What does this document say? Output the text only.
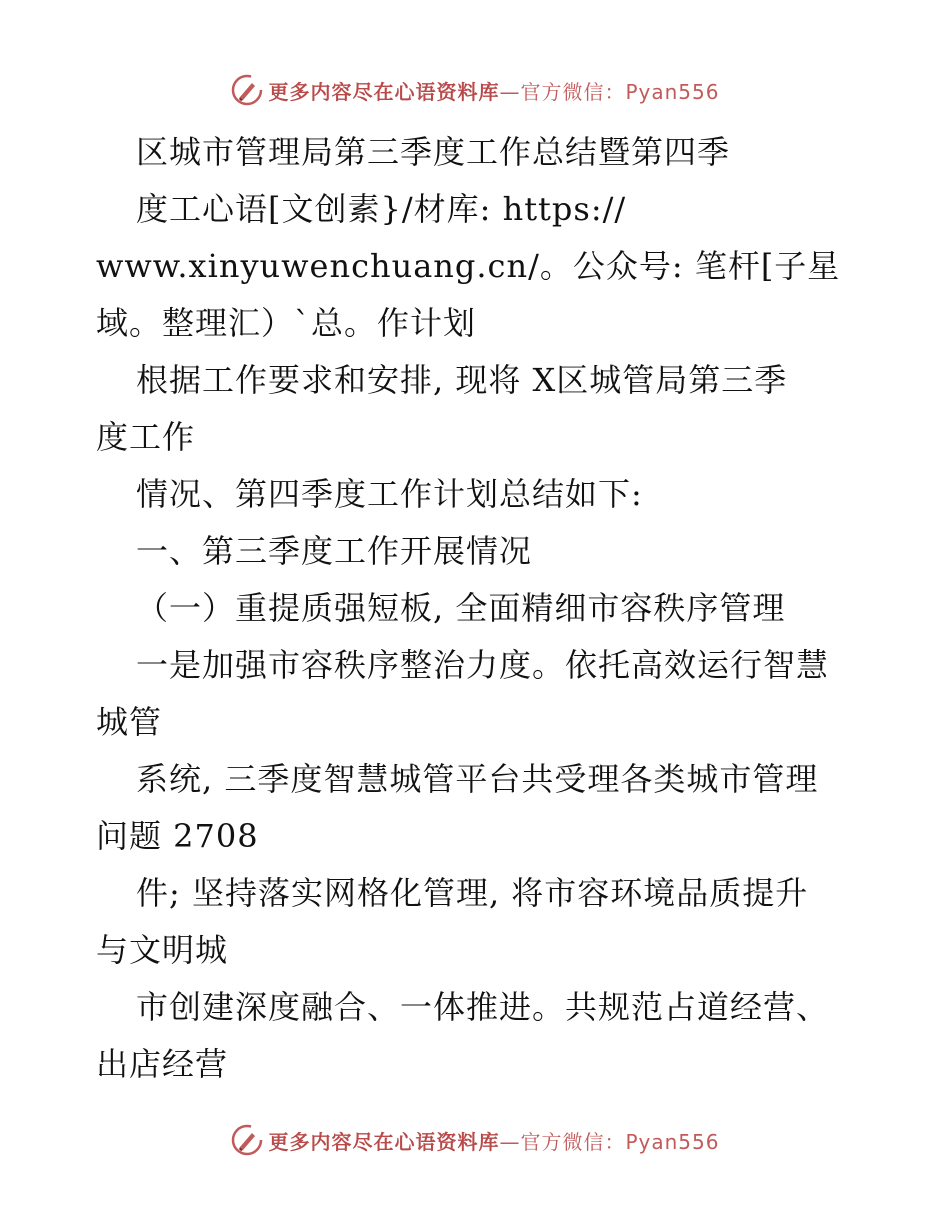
更多内容尽在心语资料库—官方微信：Pyan556
区城市管理局第三季度工作总结暨第四季
度工心语[文创素}/材库: https://
www.xinyuwenchuang.cn/。公众号: 笔杆[子星
域。整理汇）`总。作计划
根据工作要求和安排, 现将 X区城管局第三季
度工作
情况、第四季度工作计划总结如下:
一、第三季度工作开展情况
（一）重提质强短板, 全面精细市容秩序管理
一是加强市容秩序整治力度。依托高效运行智慧
城管
系统, 三季度智慧城管平台共受理各类城市管理
问题 2708
件; 坚持落实网格化管理, 将市容环境品质提升
与文明城
市创建深度融合、一体推进。共规范占道经营、
出店经营
更多内容尽在心语资料库—官方微信：Pyan556
